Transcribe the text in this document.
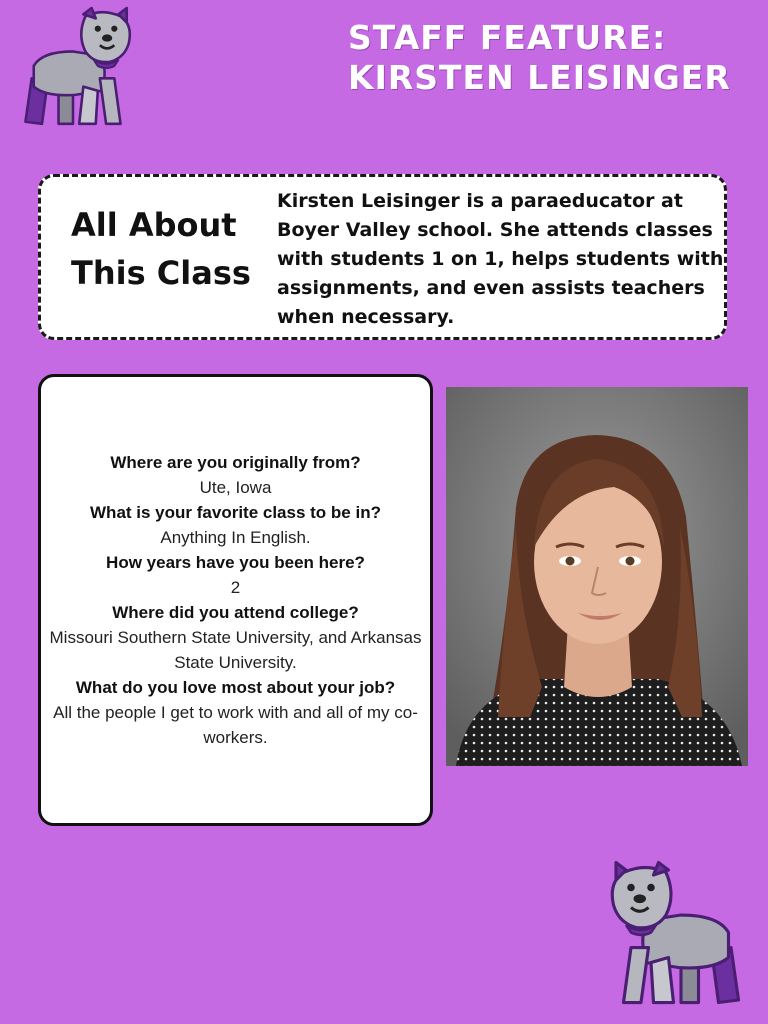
STAFF FEATURE:
KIRSTEN LEISINGER
All About This Class
Kirsten Leisinger is a paraeducator at Boyer Valley school. She attends classes with students 1 on 1, helps students with assignments, and even assists teachers when necessary.
Where are you originally from?
Ute, Iowa
What is your favorite class to be in?
Anything In English.
How years have you been here?
2
Where did you attend college?
Missouri Southern State University, and Arkansas State University.
What do you love most about your job?
All the people I get to work with and all of my co-workers.
